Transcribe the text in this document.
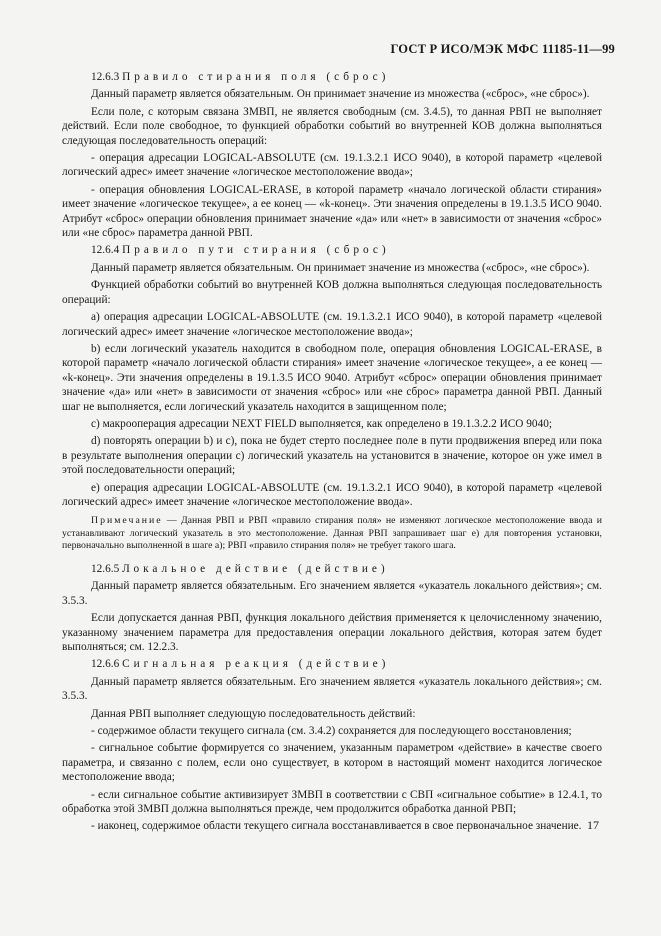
ГОСТ Р ИСО/МЭК МФС 11185-11—99

12.6.3 Правило стирания поля (сброс)

Данный параметр является обязательным. Он принимает значение из множества («сброс», «не сброс»).

Если поле, с которым связана ЗМВП, не является свободным (см. 3.4.5), то данная РВП не выполняет действий. Если поле свободное, то функцией обработки событий во внутренней КОВ должна выполняться следующая последовательность операций:

- операция адресации LOGICAL-ABSOLUTE (см. 19.1.3.2.1 ИСО 9040), в которой параметр «целевой логический адрес» имеет значение «логическое местоположение ввода»;

- операция обновления LOGICAL-ERASE, в которой параметр «начало логической области стирания» имеет значение «логическое текущее», а ее конец — «k-конец». Эти значения определены в 19.1.3.5 ИСО 9040. Атрибут «сброс» операции обновления принимает значение «да» или «нет» в зависимости от значения «сброс» или «не сброс» параметра данной РВП.

12.6.4 Правило пути стирания (сброс)

Данный параметр является обязательным. Он принимает значение из множества («сброс», «не сброс»).

Функцией обработки событий во внутренней КОВ должна выполняться следующая последовательность операций:

а) операция адресации LOGICAL-ABSOLUTE (см. 19.1.3.2.1 ИСО 9040), в которой параметр «целевой логический адрес» имеет значение «логическое местоположение ввода»;

b) если логический указатель находится в свободном поле, операция обновления LOGICAL-ERASE, в которой параметр «начало логической области стирания» имеет значение «логическое текущее», а ее конец — «k-конец». Эти значения определены в 19.1.3.5 ИСО 9040. Атрибут «сброс» операции обновления принимает значение «да» или «нет» в зависимости от значения «сброс» или «не сброс» параметра данной РВП. Данный шаг не выполняется, если логический указатель находится в защищенном поле;

с) макрооперация адресации NEXT FIELD выполняется, как определено в 19.1.3.2.2 ИСО 9040;

d) повторять операции b) и с), пока не будет стерто последнее поле в пути продвижения вперед или пока в результате выполнения операции с) логический указатель на установится в значение, которое он уже имел в этой последовательности операций;

е) операция адресации LOGICAL-ABSOLUTE (см. 19.1.3.2.1 ИСО 9040), в которой параметр «целевой логический адрес» имеет значение «логическое местоположение ввода».

Примечание — Данная РВП и РВП «правило стирания поля» не изменяют логическое местоположение ввода и устанавливают логический указатель в это местоположение. Данная РВП запрашивает шаг е) для повторения установки, первоначально выполненной в шаге а); РВП «правило стирания поля» не требует такого шага.

12.6.5 Локальное действие (действие)

Данный параметр является обязательным. Его значением является «указатель локального действия»; см. 3.5.3.

Если допускается данная РВП, функция локального действия применяется к целочисленному значению, указанному значением параметра для предоставления операции локального действия, которая затем будет выполняться; см. 12.2.3.

12.6.6 Сигнальная реакция (действие)

Данный параметр является обязательным. Его значением является «указатель локального действия»; см. 3.5.3.

Данная РВП выполняет следующую последовательность действий:

- содержимое области текущего сигнала (см. 3.4.2) сохраняется для последующего восстановления;

- сигнальное событие формируется со значением, указанным параметром «действие» в качестве своего параметра, и связанно с полем, если оно существует, в котором в настоящий момент находится логическое местоположение ввода;

- если сигнальное событие активизирует ЗМВП в соответствии с СВП «сигнальное событие» в 12.4.1, то обработка этой ЗМВП должна выполняться прежде, чем продолжится обработка данной РВП;

- иаконец, содержимое области текущего сигнала восстанавливается в свое первоначальное значение. 17
